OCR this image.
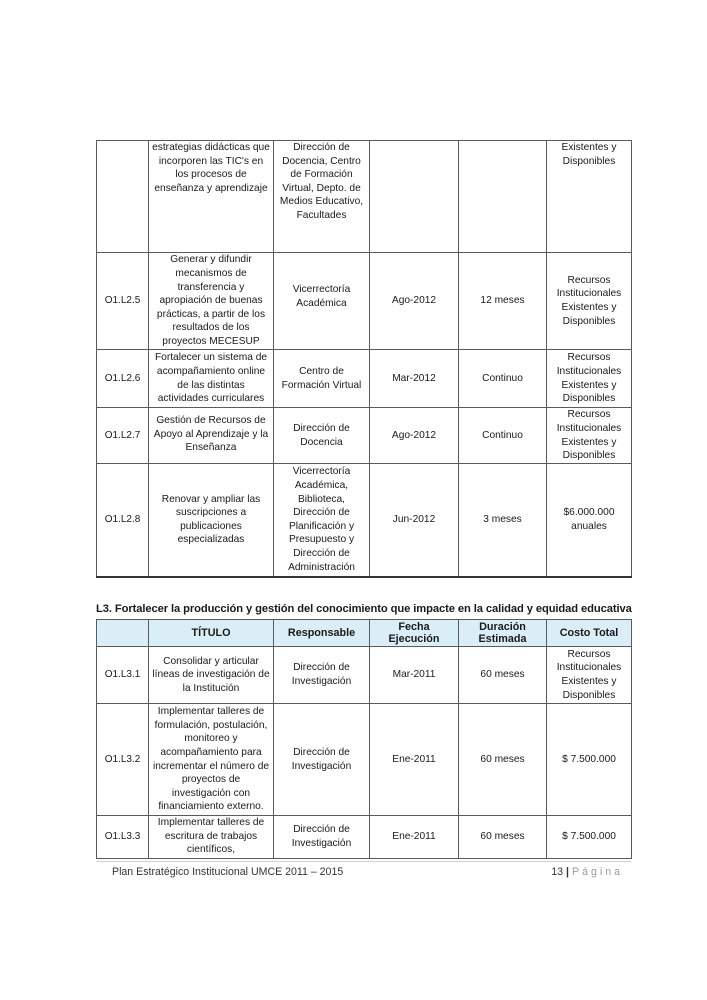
	estrategias didácticas que incorporen las TIC's en los procesos de enseñanza y aprendizaje	Dirección de Docencia, Centro de Formación Virtual, Depto. de Medios Educativo, Facultades			Existentes y Disponibles
O1.L2.5	Generar y difundir mecanismos de transferencia y apropiación de buenas prácticas, a partir de los resultados de los proyectos MECESUP	Vicerrectoría Académica	Ago-2012	12 meses	Recursos Institucionales Existentes y Disponibles
O1.L2.6	Fortalecer un sistema de acompañamiento online de las distintas actividades curriculares	Centro de Formación Virtual	Mar-2012	Continuo	Recursos Institucionales Existentes y Disponibles
O1.L2.7	Gestión de Recursos de Apoyo al Aprendizaje y la Enseñanza	Dirección de Docencia	Ago-2012	Continuo	Recursos Institucionales Existentes y Disponibles
O1.L2.8	Renovar y ampliar las suscripciones a publicaciones especializadas	Vicerrectoría Académica, Biblioteca, Dirección de Planificación y Presupuesto y Dirección de Administración	Jun-2012	3 meses	$6.000.000 anuales
L3. Fortalecer la producción y gestión del conocimiento que impacte en la calidad y equidad educativa
	TÍTULO	Responsable	Fecha Ejecución	Duración Estimada	Costo Total
O1.L3.1	Consolidar y articular líneas de investigación de la Institución	Dirección de Investigación	Mar-2011	60 meses	Recursos Institucionales Existentes y Disponibles
O1.L3.2	Implementar talleres de formulación, postulación, monitoreo y acompañamiento para incrementar el número de proyectos de investigación con financiamiento externo.	Dirección de Investigación	Ene-2011	60 meses	$ 7.500.000
O1.L3.3	Implementar talleres de escritura de trabajos científicos,	Dirección de Investigación	Ene-2011	60 meses	$ 7.500.000
Plan Estratégico Institucional UMCE 2011 – 2015	13 | Página
